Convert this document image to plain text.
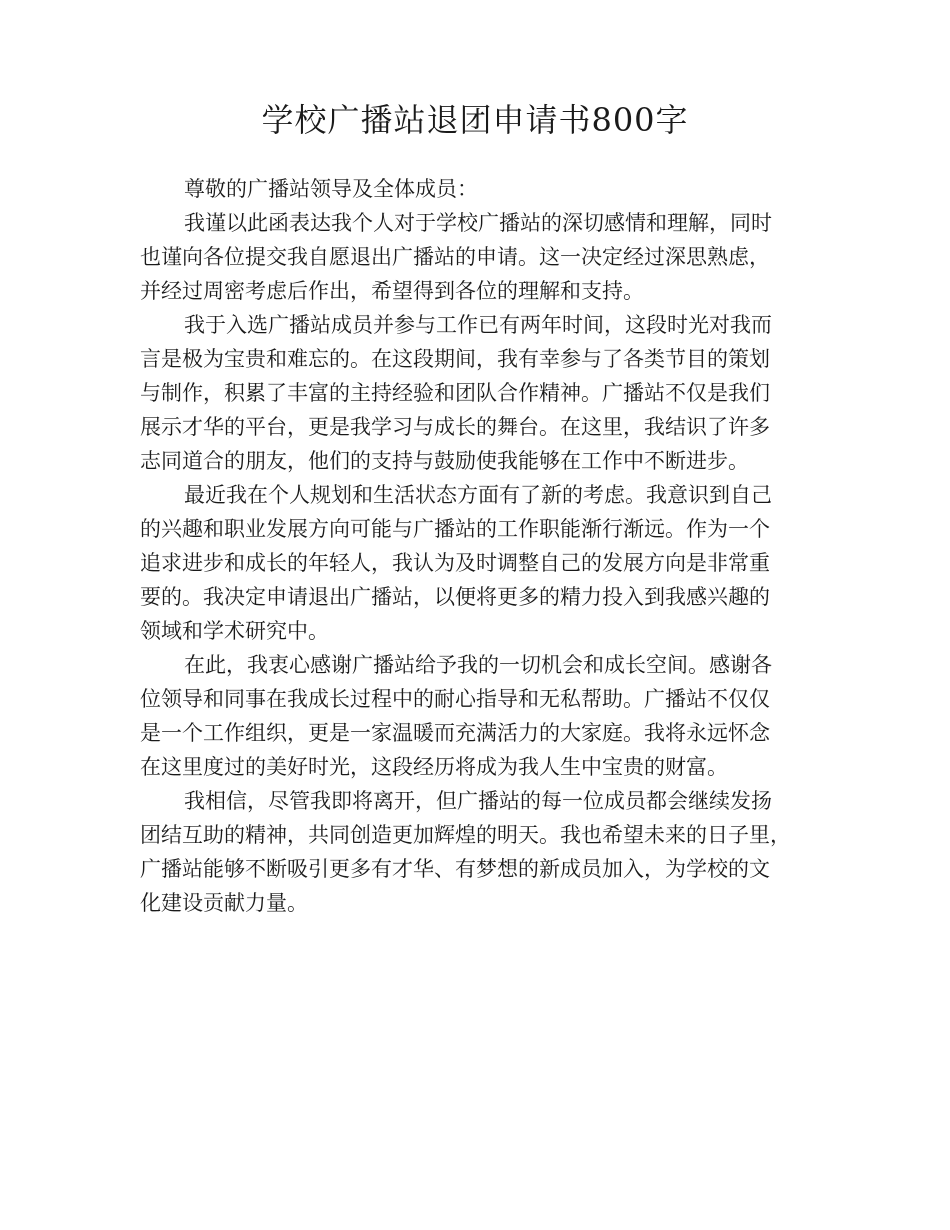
学校广播站退团申请书800字
尊敬的广播站领导及全体成员：
我谨以此函表达我个人对于学校广播站的深切感情和理解，同时
也谨向各位提交我自愿退出广播站的申请。这一决定经过深思熟虑，
并经过周密考虑后作出，希望得到各位的理解和支持。
我于入选广播站成员并参与工作已有两年时间，这段时光对我而
言是极为宝贵和难忘的。在这段期间，我有幸参与了各类节目的策划
与制作，积累了丰富的主持经验和团队合作精神。广播站不仅是我们
展示才华的平台，更是我学习与成长的舞台。在这里，我结识了许多
志同道合的朋友，他们的支持与鼓励使我能够在工作中不断进步。
最近我在个人规划和生活状态方面有了新的考虑。我意识到自己
的兴趣和职业发展方向可能与广播站的工作职能渐行渐远。作为一个
追求进步和成长的年轻人，我认为及时调整自己的发展方向是非常重
要的。我决定申请退出广播站，以便将更多的精力投入到我感兴趣的
领域和学术研究中。
在此，我衷心感谢广播站给予我的一切机会和成长空间。感谢各
位领导和同事在我成长过程中的耐心指导和无私帮助。广播站不仅仅
是一个工作组织，更是一家温暖而充满活力的大家庭。我将永远怀念
在这里度过的美好时光，这段经历将成为我人生中宝贵的财富。
我相信，尽管我即将离开，但广播站的每一位成员都会继续发扬
团结互助的精神，共同创造更加辉煌的明天。我也希望未来的日子里，
广播站能够不断吸引更多有才华、有梦想的新成员加入，为学校的文
化建设贡献力量。
